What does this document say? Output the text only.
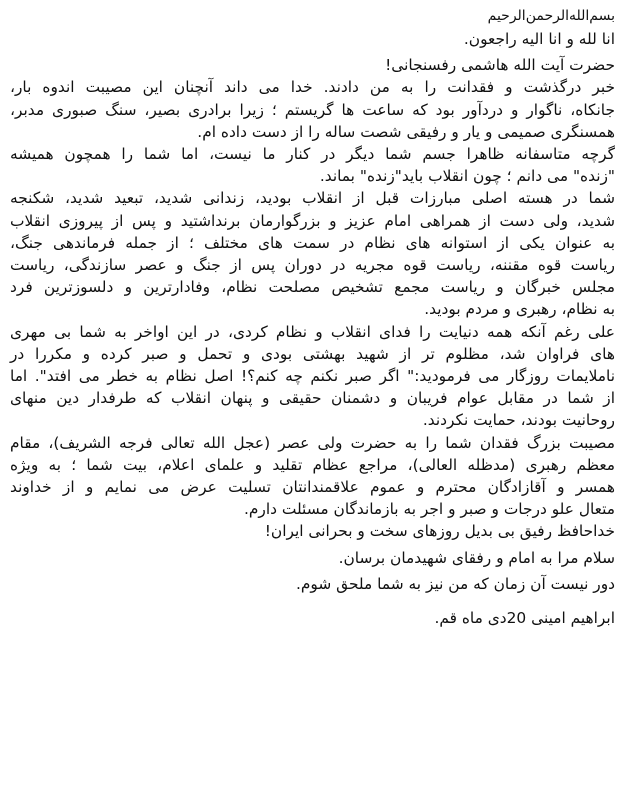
بسم‌الله‌الرحمن‌الرحیم
انا لله و انا الیه راجعون.
حضرت آیت الله هاشمی رفسنجانی!
خبر درگذشت و فقدانت را به من دادند. خدا می داند آنچنان این مصیبت اندوه بار،
جانکاه، ناگوار و دردآور بود که ساعت ها گریستم ؛ زیرا برادری بصیر، سنگ صبوری مدبر،
همسنگری صمیمی و یار و رفیقی شصت ساله را از دست داده ام.
گرچه متاسفانه ظاهرا جسم شما دیگر در کنار ما نیست، اما شما را همچون همیشه
"زنده" می دانم ؛ چون انقلاب باید"زنده" بماند.
شما در هسته اصلی مبارزات قبل از انقلاب بودید، زندانی شدید، تبعید شدید، شکنجه
شدید، ولی دست از همراهی امام عزیز و بزرگوارمان برنداشتید و پس از پیروزی انقلاب
به عنوان یکی از استوانه های نظام در سمت های مختلف ؛ از جمله فرماندهی جنگ،
ریاست قوه مقننه، ریاست قوه مجریه در دوران پس از جنگ و عصر سازندگی، ریاست
مجلس خبرگان و ریاست مجمع تشخیص مصلحت نظام، وفادارترین و دلسوزترین فرد
به نظام، رهبری و مردم بودید.
علی رغم آنکه همه دنیایت را فدای انقلاب و نظام کردی، در این اواخر به شما بی مهری
های فراوان شد، مظلوم تر از شهید بهشتی بودی و تحمل و صبر کرده و مکررا در
ناملایمات روزگار می فرمودید:" اگر صبر نکنم چه کنم؟! اصل نظام به خطر می افتد". اما
از شما در مقابل عوام فریبان و دشمنان حقیقی و پنهان انقلاب که طرفدار دین منهای
روحانیت بودند، حمایت نکردند.
مصیبت بزرگ فقدان شما را به حضرت ولی عصر (عجل الله تعالی فرجه الشریف)، مقام
معظم رهبری (مدظله العالی)، مراجع عظام تقلید و علمای اعلام، بیت شما ؛ به ویژه
همسر و آقازادگان محترم و عموم علاقمندانتان تسلیت عرض می نمایم و از خداوند
متعال علو درجات و صبر و اجر به بازماندگان مسئلت دارم.
خداحافظ رفیق بی بدیل روزهای سخت و بحرانی ایران!
سلام مرا به امام و رفقای شهیدمان برسان.
دور نیست آن زمان که من نیز به شما ملحق شوم.
ابراهیم امینی 20دی ماه قم.
